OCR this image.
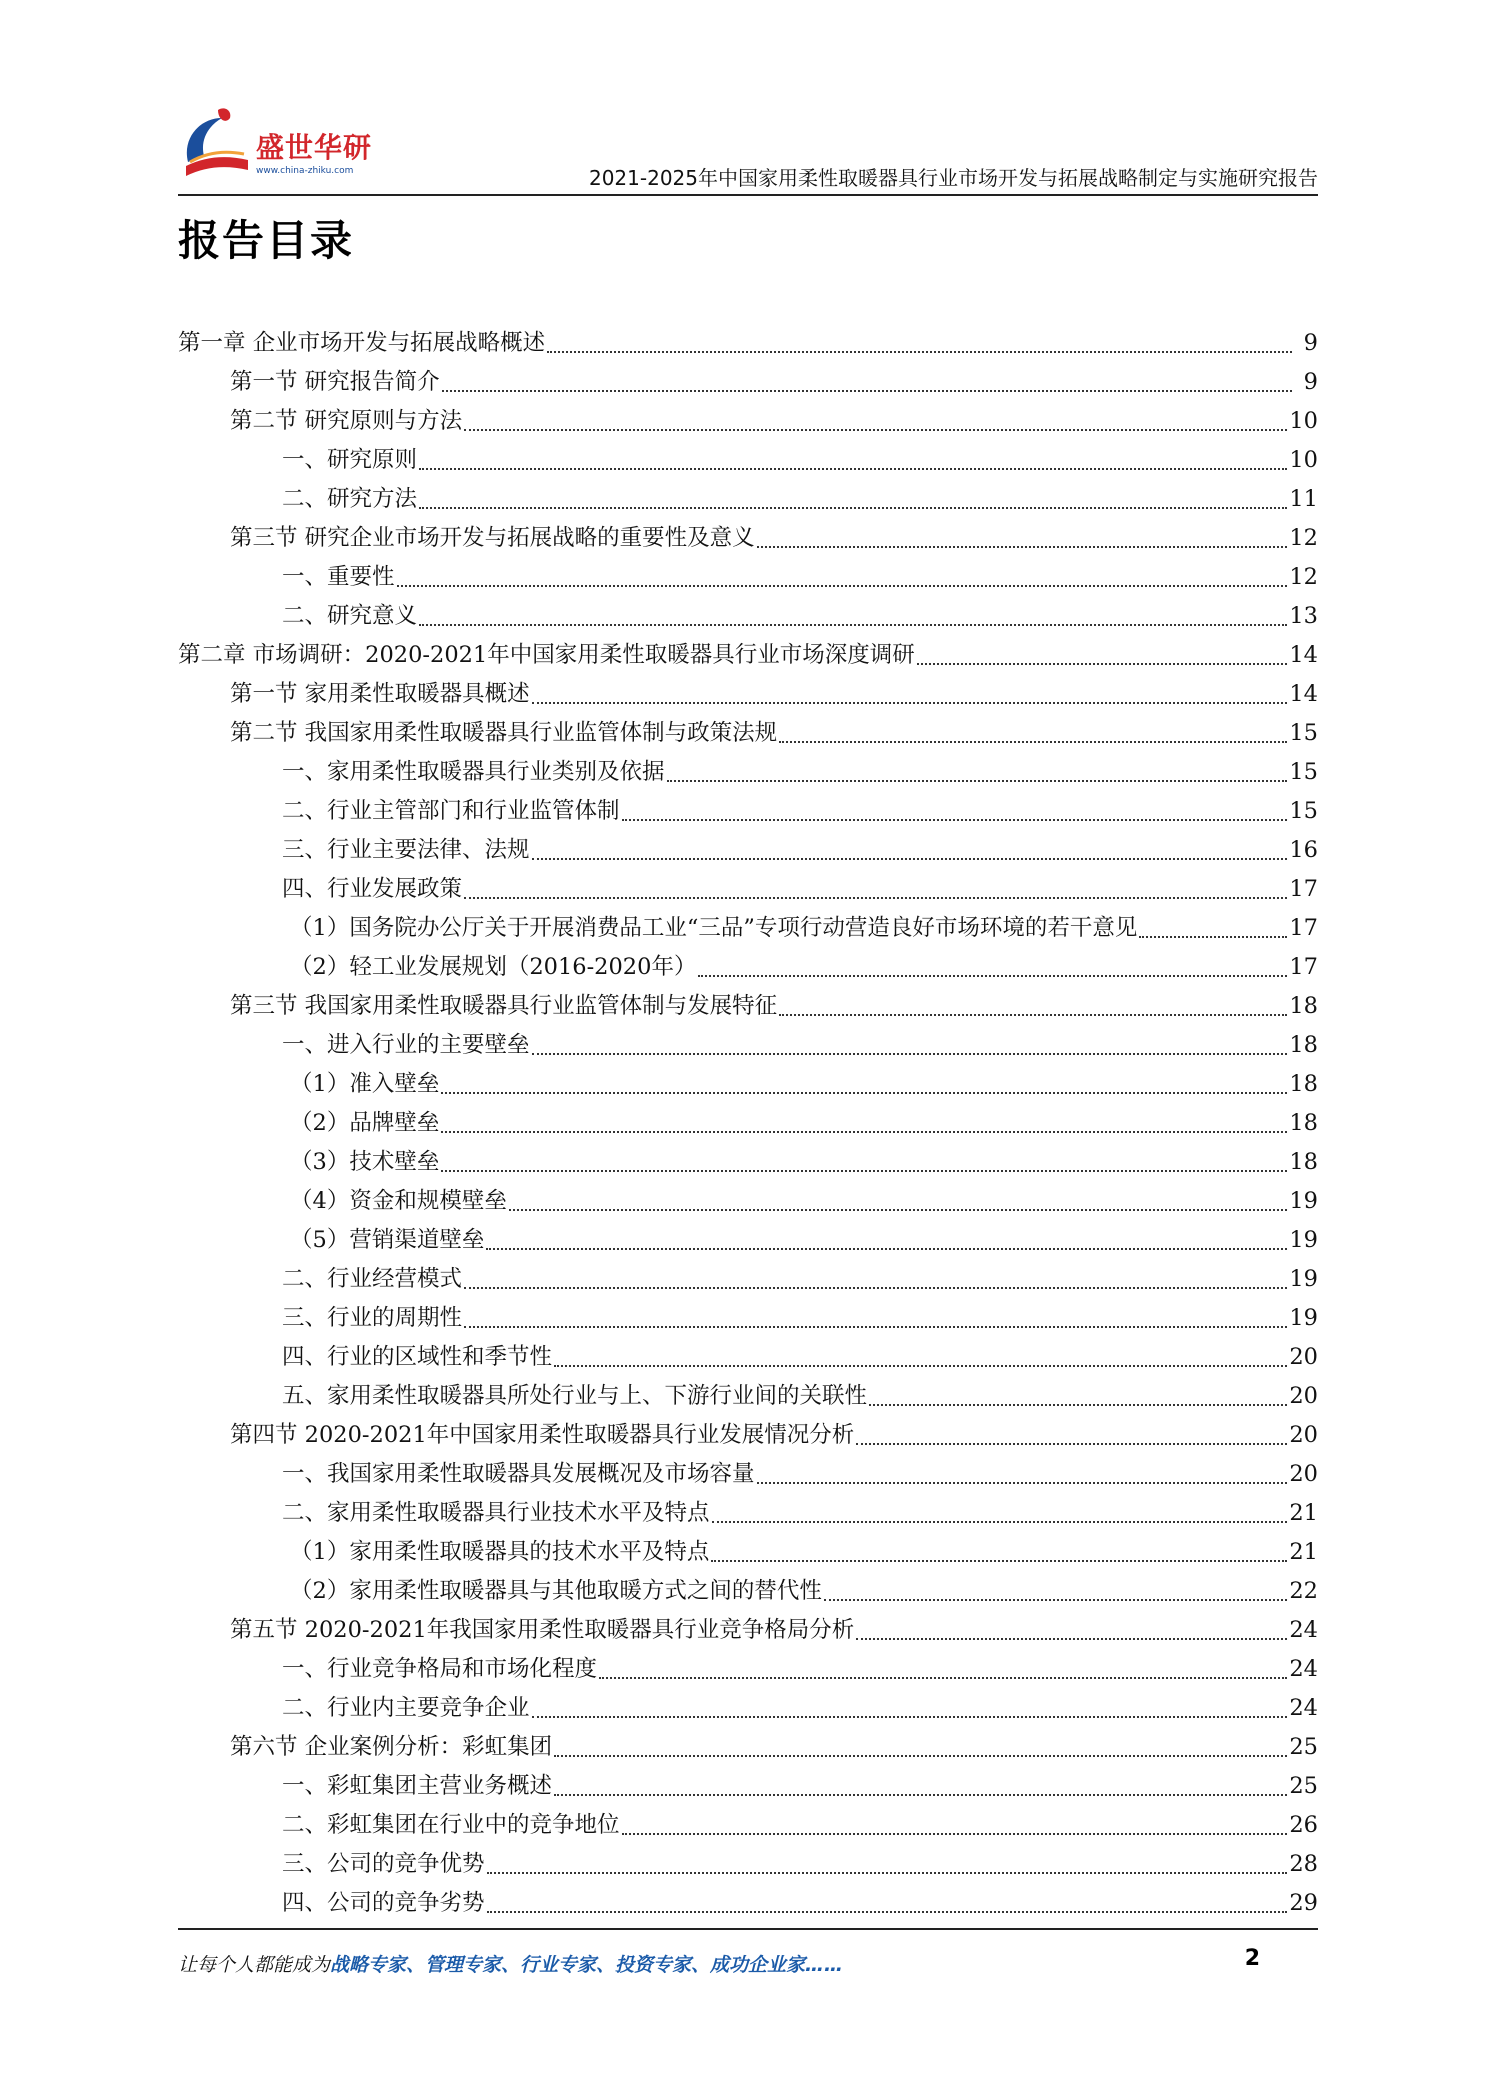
盛世华研
www.china-zhiku.com	2021-2025年中国家用柔性取暖器具行业市场开发与拓展战略制定与实施研究报告
报告目录
第一章 企业市场开发与拓展战略概述	9
第一节 研究报告简介	9
第二节 研究原则与方法	10
一、研究原则	10
二、研究方法	11
第三节 研究企业市场开发与拓展战略的重要性及意义	12
一、重要性	12
二、研究意义	13
第二章 市场调研：2020-2021年中国家用柔性取暖器具行业市场深度调研	14
第一节 家用柔性取暖器具概述	14
第二节 我国家用柔性取暖器具行业监管体制与政策法规	15
一、家用柔性取暖器具行业类别及依据	15
二、行业主管部门和行业监管体制	15
三、行业主要法律、法规	16
四、行业发展政策	17
（1）国务院办公厅关于开展消费品工业“三品”专项行动营造良好市场环境的若干意见	17
（2）轻工业发展规划（2016-2020年）	17
第三节 我国家用柔性取暖器具行业监管体制与发展特征	18
一、进入行业的主要壁垒	18
（1）准入壁垒	18
（2）品牌壁垒	18
（3）技术壁垒	18
（4）资金和规模壁垒	19
（5）营销渠道壁垒	19
二、行业经营模式	19
三、行业的周期性	19
四、行业的区域性和季节性	20
五、家用柔性取暖器具所处行业与上、下游行业间的关联性	20
第四节 2020-2021年中国家用柔性取暖器具行业发展情况分析	20
一、我国家用柔性取暖器具发展概况及市场容量	20
二、家用柔性取暖器具行业技术水平及特点	21
（1）家用柔性取暖器具的技术水平及特点	21
（2）家用柔性取暖器具与其他取暖方式之间的替代性	22
第五节 2020-2021年我国家用柔性取暖器具行业竞争格局分析	24
一、行业竞争格局和市场化程度	24
二、行业内主要竞争企业	24
第六节 企业案例分析：彩虹集团	25
一、彩虹集团主营业务概述	25
二、彩虹集团在行业中的竞争地位	26
三、公司的竞争优势	28
四、公司的竞争劣势	29
让每个人都能成为战略专家、管理专家、行业专家、投资专家、成功企业家……	2
